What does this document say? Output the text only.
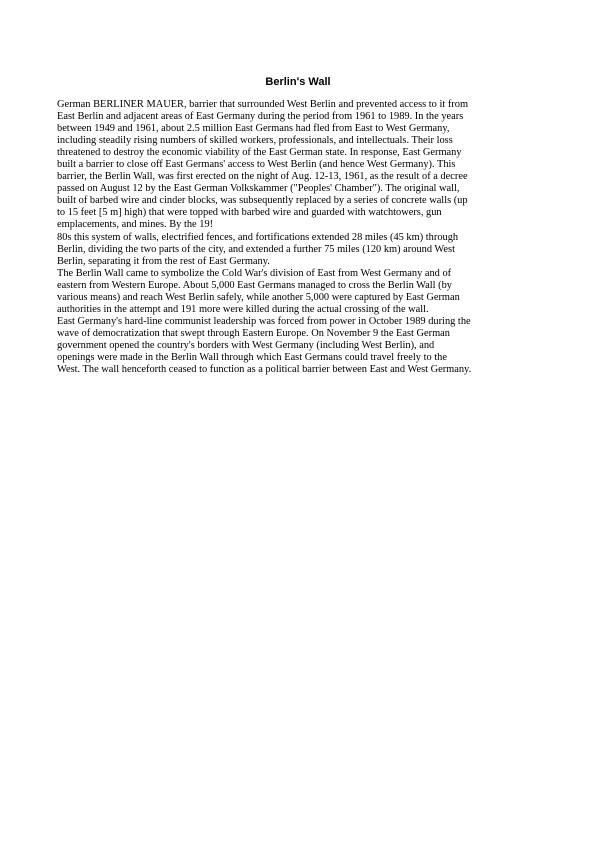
Berlin's Wall
German BERLINER MAUER, barrier that surrounded West Berlin and prevented access to it from
East Berlin and adjacent areas of East Germany during the period from 1961 to 1989. In the years
between 1949 and 1961, about 2.5 million East Germans had fled from East to West Germany,
including steadily rising numbers of skilled workers, professionals, and intellectuals. Their loss
threatened to destroy the economic viability of the East German state. In response, East Germany
built a barrier to close off East Germans' access to West Berlin (and hence West Germany). This
barrier, the Berlin Wall, was first erected on the night of Aug. 12-13, 1961, as the result of a decree
passed on August 12 by the East German Volkskammer ("Peoples' Chamber"). The original wall,
built of barbed wire and cinder blocks, was subsequently replaced by a series of concrete walls (up
to 15 feet [5 m] high) that were topped with barbed wire and guarded with watchtowers, gun
emplacements, and mines. By the 19!
80s this system of walls, electrified fences, and fortifications extended 28 miles (45 km) through
Berlin, dividing the two parts of the city, and extended a further 75 miles (120 km) around West
Berlin, separating it from the rest of East Germany.
The Berlin Wall came to symbolize the Cold War's division of East from West Germany and of
eastern from Western Europe. About 5,000 East Germans managed to cross the Berlin Wall (by
various means) and reach West Berlin safely, while another 5,000 were captured by East German
authorities in the attempt and 191 more were killed during the actual crossing of the wall.
East Germany's hard-line communist leadership was forced from power in October 1989 during the
wave of democratization that swept through Eastern Europe. On November 9 the East German
government opened the country's borders with West Germany (including West Berlin), and
openings were made in the Berlin Wall through which East Germans could travel freely to the
West. The wall henceforth ceased to function as a political barrier between East and West Germany.
